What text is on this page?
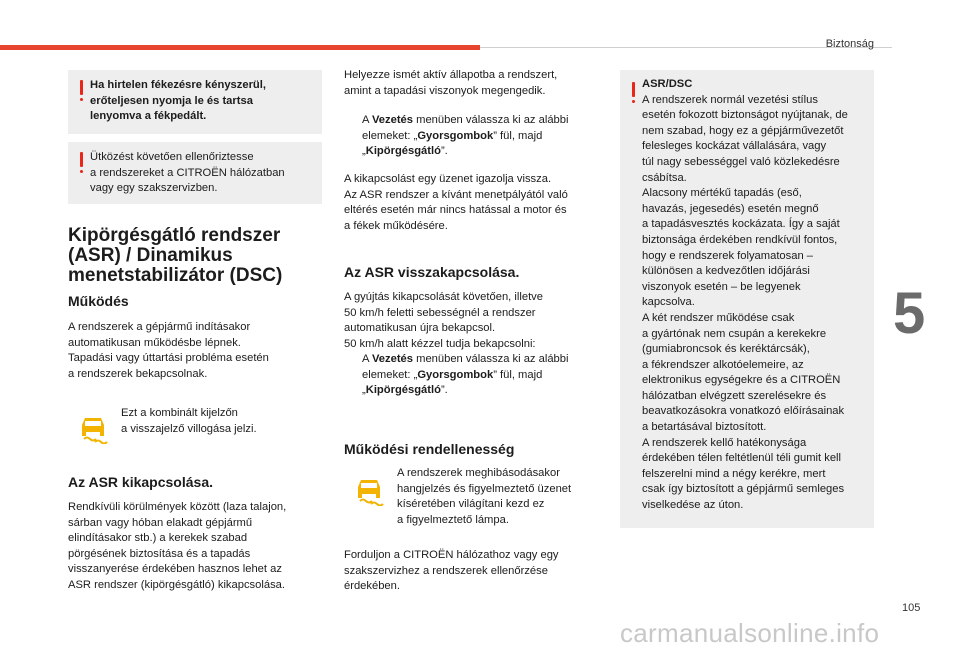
Biztonság
5
105
carmanualsonline.info

Ha hirtelen fékezésre kényszerül,

erőteljesen nyomja le és tartsa

lenyomva a fékpedált.

Ütközést követően ellenőriztesse

a rendszereket a CITROËN hálózatban

vagy egy szakszervizben.

Kipörgésgátló rendszer
(ASR) / Dinamikus
menetstabilizátor (DSC)
Működés
A rendszerek a gépjármű indításakor
automatikusan működésbe lépnek.
Tapadási vagy úttartási probléma esetén
a rendszerek bekapcsolnak.
Ezt a kombinált kijelzőn
a visszajelző villogása jelzi.
Az ASR kikapcsolása.
Rendkívüli körülmények között (laza talajon,
sárban vagy hóban elakadt gépjármű
elindításakor stb.) a kerekek szabad
pörgésének biztosítása és a tapadás
visszanyerése érdekében hasznos lehet az
ASR rendszer (kipörgésgátló) kikapcsolása.
Helyezze ismét aktív állapotba a rendszert,
amint a tapadási viszonyok megengedik.
A Vezetés menüben válassza ki az alábbi
elemeket: „Gyorsgombok” fül, majd
„Kipörgésgátló”.
A kikapcsolást egy üzenet igazolja vissza.
Az ASR rendszer a kívánt menetpályától való
eltérés esetén már nincs hatással a motor és
a fékek működésére.
Az ASR visszakapcsolása.
A gyújtás kikapcsolását követően, illetve
50 km/h feletti sebességnél a rendszer
automatikusan újra bekapcsol.
50 km/h alatt kézzel tudja bekapcsolni:
A Vezetés menüben válassza ki az alábbi
elemeket: „Gyorsgombok” fül, majd
„Kipörgésgátló”.
Működési rendellenesség
A rendszerek meghibásodásakor
hangjelzés és figyelmeztető üzenet
kíséretében világítani kezd ez
a figyelmeztető lámpa.
Forduljon a CITROËN hálózathoz vagy egy
szakszervizhez a rendszerek ellenőrzése
érdekében.

ASR/DSC

A rendszerek normál vezetési stílus

esetén fokozott biztonságot nyújtanak, de

nem szabad, hogy ez a gépjárművezetőt

felesleges kockázat vállalására, vagy

túl nagy sebességgel való közlekedésre

csábítsa.

Alacsony mértékű tapadás (eső,

havazás, jegesedés) esetén megnő

a tapadásvesztés kockázata. Így a saját

biztonsága érdekében rendkívül fontos,

hogy e rendszerek folyamatosan –

különösen a kedvezőtlen időjárási

viszonyok esetén – be legyenek

kapcsolva.

A két rendszer működése csak

a gyártónak nem csupán a kerekekre

(gumiabroncsok és keréktárcsák),

a fékrendszer alkotóelemeire, az

elektronikus egységekre és a CITROËN

hálózatban elvégzett szerelésekre és

beavatkozásokra vonatkozó előírásainak

a betartásával biztosított.

A rendszerek kellő hatékonysága

érdekében télen feltétlenül téli gumit kell

felszerelni mind a négy kerékre, mert

csak így biztosított a gépjármű semleges

viselkedése az úton.
